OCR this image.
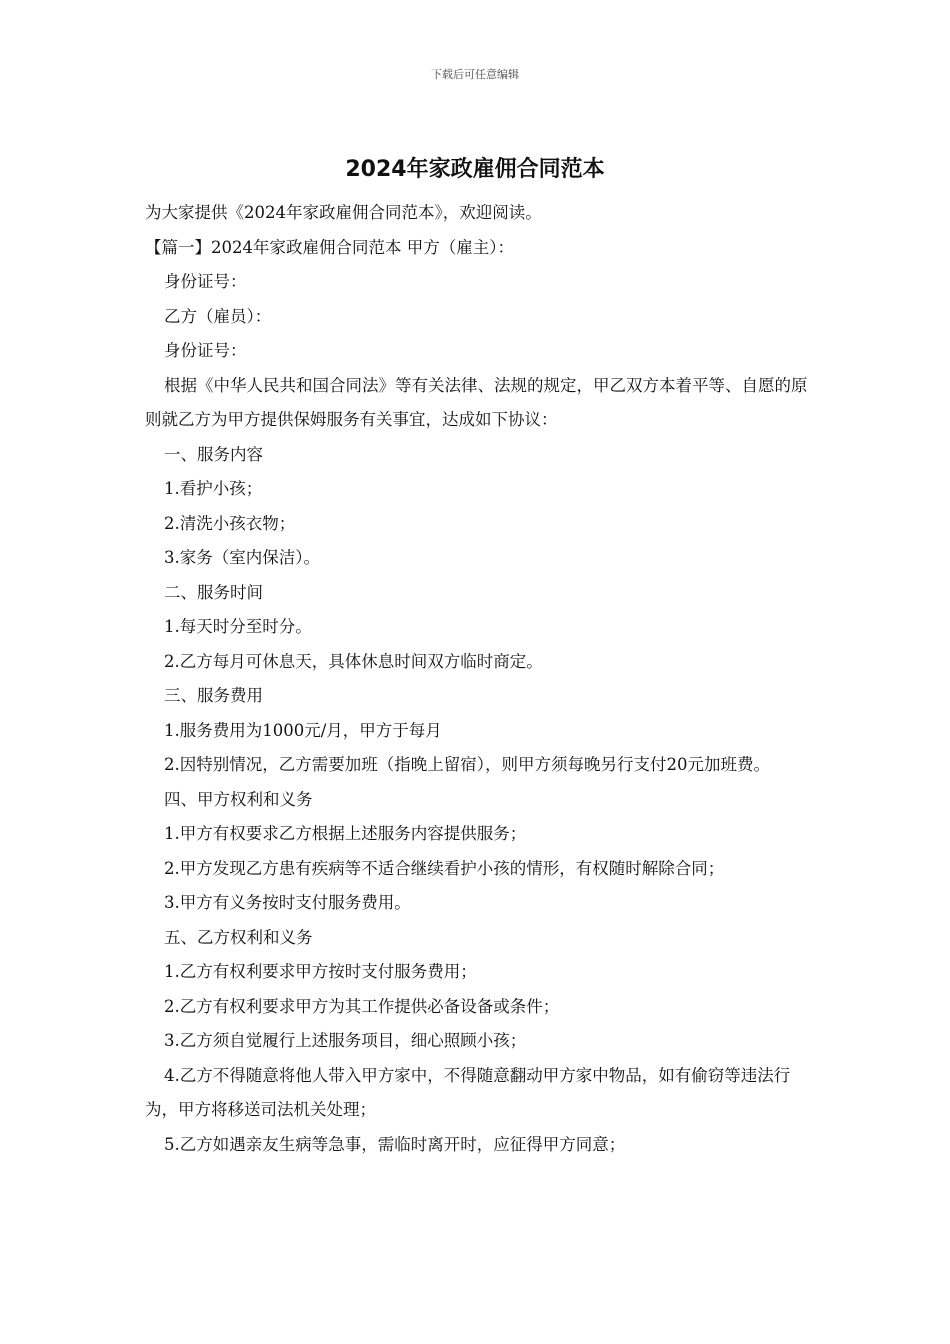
下载后可任意编辑
2024年家政雇佣合同范本

为大家提供《2024年家政雇佣合同范本》，欢迎阅读。

【篇一】2024年家政雇佣合同范本 甲方（雇主）：

身份证号：

乙方（雇员）：

身份证号：

根据《中华人民共和国合同法》等有关法律、法规的规定，甲乙双方本着平等、自愿的原则就乙方为甲方提供保姆服务有关事宜，达成如下协议：

一、服务内容

1.看护小孩；

2.清洗小孩衣物；

3.家务（室内保洁）。

二、服务时间

1.每天时分至时分。

2.乙方每月可休息天，具体休息时间双方临时商定。

三、服务费用

1.服务费用为1000元/月，甲方于每月

2.因特别情况，乙方需要加班（指晚上留宿），则甲方须每晚另行支付20元加班费。

四、甲方权利和义务

1.甲方有权要求乙方根据上述服务内容提供服务；

2.甲方发现乙方患有疾病等不适合继续看护小孩的情形，有权随时解除合同；

3.甲方有义务按时支付服务费用。

五、乙方权利和义务

1.乙方有权利要求甲方按时支付服务费用；

2.乙方有权利要求甲方为其工作提供必备设备或条件；

3.乙方须自觉履行上述服务项目，细心照顾小孩；

4.乙方不得随意将他人带入甲方家中，不得随意翻动甲方家中物品，如有偷窃等违法行为，甲方将移送司法机关处理；

5.乙方如遇亲友生病等急事，需临时离开时，应征得甲方同意；
